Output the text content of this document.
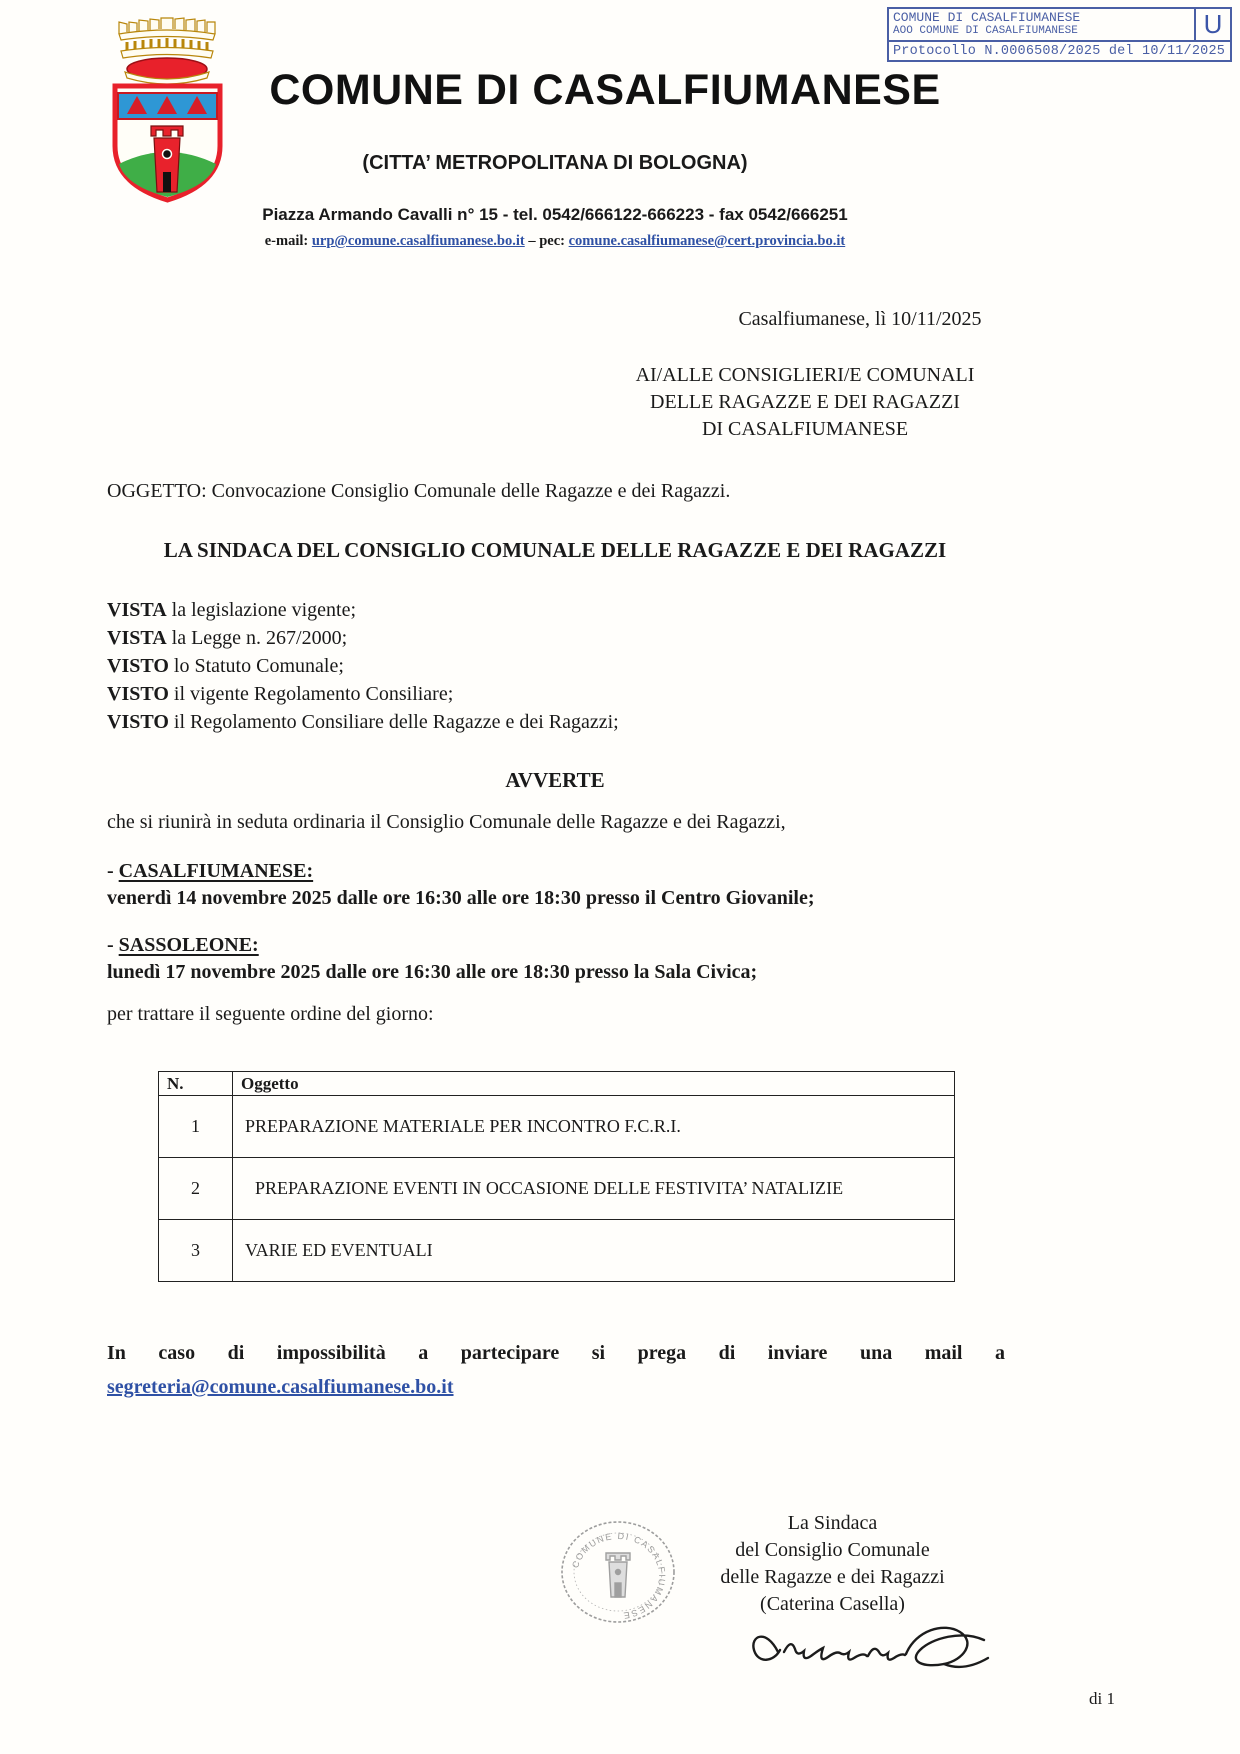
COMUNE DI CASALFIUMANESE
AOO COMUNE DI CASALFIUMANESE	U
Protocollo N.0006508/2025 del 10/11/2025
COMUNE DI CASALFIUMANESE
(CITTA’ METROPOLITANA DI BOLOGNA)
Piazza Armando Cavalli n° 15 - tel. 0542/666122-666223 - fax 0542/666251
e-mail: urp@comune.casalfiumanese.bo.it – pec: comune.casalfiumanese@cert.provincia.bo.it
Casalfiumanese, lì 10/11/2025
AI/ALLE CONSIGLIERI/E COMUNALI
DELLE RAGAZZE E DEI RAGAZZI
DI CASALFIUMANESE
OGGETTO: Convocazione Consiglio Comunale delle Ragazze e dei Ragazzi.
LA SINDACA DEL CONSIGLIO COMUNALE DELLE RAGAZZE E DEI RAGAZZI
VISTA la legislazione vigente;
VISTA la Legge n. 267/2000;
VISTO lo Statuto Comunale;
VISTO il vigente Regolamento Consiliare;
VISTO il Regolamento Consiliare delle Ragazze e dei Ragazzi;
AVVERTE
che si riunirà in seduta ordinaria il Consiglio Comunale delle Ragazze e dei Ragazzi,
- CASALFIUMANESE:
venerdì 14 novembre 2025 dalle ore 16:30 alle ore 18:30 presso il Centro Giovanile;
- SASSOLEONE:
lunedì 17 novembre 2025 dalle ore 16:30 alle ore 18:30 presso la Sala Civica;
per trattare il seguente ordine del giorno:
N.	Oggetto
1	PREPARAZIONE MATERIALE PER INCONTRO F.C.R.I.
2	PREPARAZIONE EVENTI IN OCCASIONE DELLE FESTIVITA’ NATALIZIE
3	VARIE ED EVENTUALI
In caso di impossibilità a partecipare si prega di inviare una mail a
segreteria@comune.casalfiumanese.bo.it
La Sindaca
del Consiglio Comunale
delle Ragazze e dei Ragazzi
(Caterina Casella)
COMUNE DI CASALFIUMANESE
di 1
